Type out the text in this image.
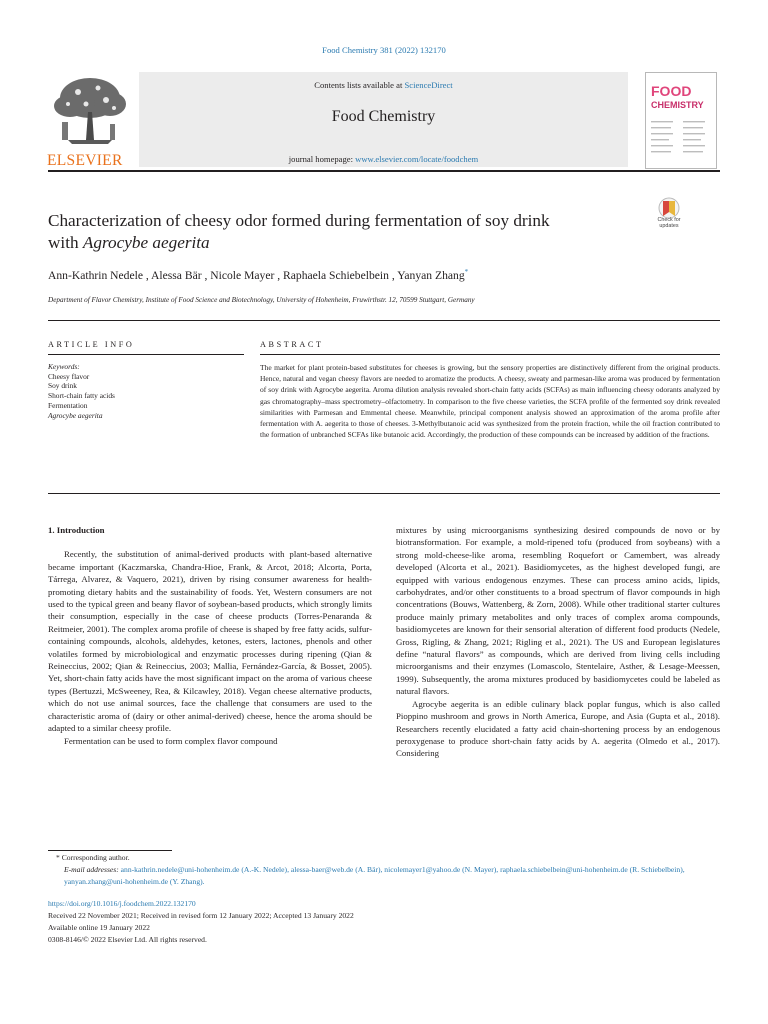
Food Chemistry 381 (2022) 132170
ELSEVIER
Contents lists available at ScienceDirect
Food Chemistry
journal homepage: www.elsevier.com/locate/foodchem
FOOD
CHEMISTRY
Characterization of cheesy odor formed during fermentation of soy drink
with Agrocybe aegerita
Check for updates
Ann-Kathrin Nedele , Alessa Bär , Nicole Mayer , Raphaela Schiebelbein , Yanyan Zhang*
Department of Flavor Chemistry, Institute of Food Science and Biotechnology, University of Hohenheim, Fruwirthstr. 12, 70599 Stuttgart, Germany
ARTICLE INFO	ABSTRACT
Keywords:
Cheesy flavor
Soy drink
Short-chain fatty acids
Fermentation
Agrocybe aegerita
The market for plant protein-based substitutes for cheeses is growing, but the sensory properties are distinctively different from the original products. Hence, natural and vegan cheesy flavors are needed to aromatize the products. A cheesy, sweaty and parmesan-like aroma was produced by fermentation of soy drink with Agrocybe aegerita. Aroma dilution analysis revealed short-chain fatty acids (SCFAs) as main influencing cheesy odorants analyzed by gas chromatography–mass spectrometry–olfactometry. In comparison to the five cheese varieties, the SCFA profile of the fermented soy drink revealed similarities with Parmesan and Emmental cheese. Meanwhile, principal component analysis showed an approximation of the aroma profile after fermentation with A. aegerita to those of cheeses. 3-Methylbutanoic acid was synthesized from the protein fraction, while the oil fraction contributed to the formation of unbranched SCFAs like butanoic acid. Accordingly, the production of these compounds can be increased by addition of the fractions.
1. Introduction

Recently, the substitution of animal-derived products with plant-based alternative became important (Kaczmarska, Chandra-Hioe, Frank, & Arcot, 2018; Alcorta, Porta, Tárrega, Alvarez, & Vaquero, 2021), driven by rising consumer awareness for health-promoting dietary habits and the sustainability of foods. Yet, Western consumers are not used to the typical green and beany flavor of soybean-based products, which strongly limits their consumption, especially in the case of cheese products (Torres-Penaranda & Reitmeier, 2001). The complex aroma profile of cheese is shaped by free fatty acids, sulfur-containing compounds, alcohols, aldehydes, ketones, esters, lactones, phenols and other volatiles formed by microbiological and enzymatic processes during ripening (Qian & Reineccius, 2002; Qian & Reineccius, 2003; Mallia, Fernández-García, & Bosset, 2005). Yet, short-chain fatty acids have the most significant impact on the aroma of various cheese types (Bertuzzi, McSweeney, Rea, & Kilcawley, 2018). Vegan cheese alternative products, which do not use animal sources, face the challenge that consumers are used to the characteristic aroma of (dairy or other animal-derived) cheese, hence the aroma should be adapted to a similar cheesy profile.

Fermentation can be used to form complex flavor compound

mixtures by using microorganisms synthesizing desired compounds de novo or by biotransformation. For example, a mold-ripened tofu (produced from soybeans) with a strong mold-cheese-like aroma, resembling Roquefort or Camembert, was already developed (Alcorta et al., 2021). Basidiomycetes, as the highest developed fungi, are equipped with various endogenous enzymes. These can process amino acids, lipids, carbohydrates, and/or other constituents to a broad spectrum of flavor compounds in high concentrations (Bouws, Wattenberg, & Zorn, 2008). While other traditional starter cultures produce mainly primary metabolites and only traces of complex aroma compounds, basidiomycetes are known for their sensorial alteration of different food products (Nedele, Gross, Rigling, & Zhang, 2021; Rigling et al., 2021). The US and European legislatures define “natural flavors” as compounds, which are derived from living cells including microorganisms and their enzymes (Lomascolo, Stentelaire, Asther, & Lesage-Meessen, 1999). Subsequently, the aroma mixtures produced by basidiomycetes could be labeled as natural flavors.

Agrocybe aegerita is an edible culinary black poplar fungus, which is also called Pioppino mushroom and grows in North America, Europe, and Asia (Gupta et al., 2018). Researchers recently elucidated a fatty acid chain-shortening process by an endogenous peroxygenase to produce short-chain fatty acids by A. aegerita (Olmedo et al., 2017). Considering

* Corresponding author.
E-mail addresses: ann-kathrin.nedele@uni-hohenheim.de (A.-K. Nedele), alessa-baer@web.de (A. Bär), nicolemayer1@yahoo.de (N. Mayer), raphaela.schiebelbein@uni-hohenheim.de (R. Schiebelbein), yanyan.zhang@uni-hohenheim.de (Y. Zhang).
https://doi.org/10.1016/j.foodchem.2022.132170
Received 22 November 2021; Received in revised form 12 January 2022; Accepted 13 January 2022
Available online 19 January 2022
0308-8146/© 2022 Elsevier Ltd. All rights reserved.
